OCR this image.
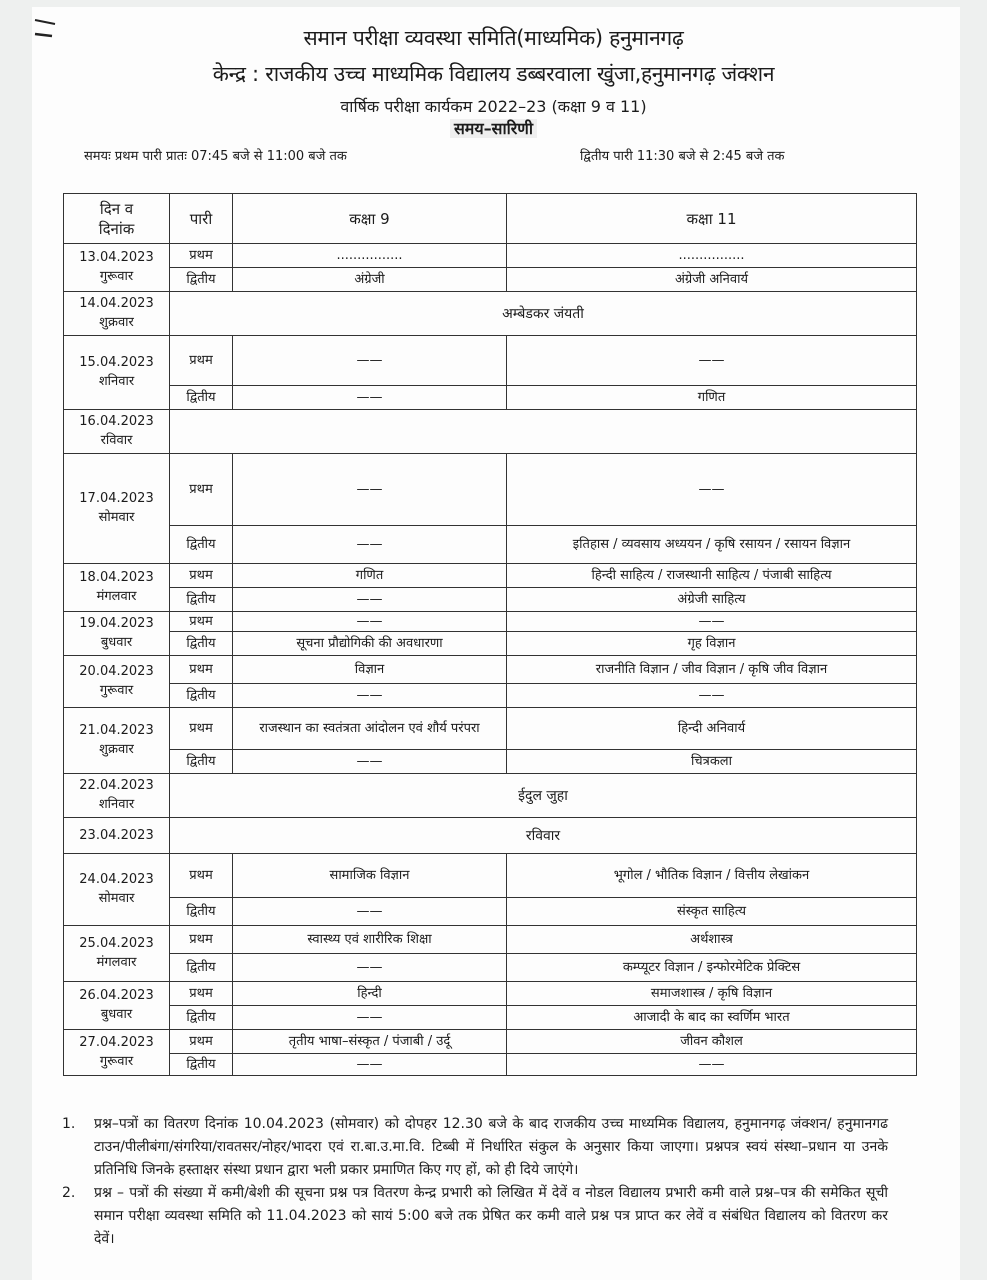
समान परीक्षा व्यवस्था समिति(माध्यमिक) हनुमानगढ़
केन्द्र : राजकीय उच्च माध्यमिक विद्यालय डब्बरवाला खुंजा,हनुमानगढ़ जंक्शन
वार्षिक परीक्षा कार्यकम 2022–23 (कक्षा 9 व 11)
समय–सारिणी
समयः प्रथम पारी प्रातः 07:45 बजे से 11:00 बजे तक	द्वितीय पारी 11:30 बजे से 2:45 बजे तक
दिन व दिनांक	पारी	कक्षा 9	कक्षा 11

13.04.2023
गुरूवार	प्रथम	................	................
	द्वितीय	अंग्रेजी	अंग्रेजी अनिवार्य

14.04.2023
शुक्रवार	अम्बेडकर जंयती		

15.04.2023
शनिवार	प्रथम	——	——
	द्वितीय	——	गणित

16.04.2023
रविवार			

17.04.2023
सोमवार	प्रथम	——	——
	द्वितीय	——	इतिहास / व्यवसाय अध्ययन / कृषि रसायन / रसायन विज्ञान

18.04.2023
मंगलवार	प्रथम	गणित	हिन्दी साहित्य / राजस्थानी साहित्य / पंजाबी साहित्य
	द्वितीय	——	अंग्रेजी साहित्य

19.04.2023
बुधवार	प्रथम	——	——
	द्वितीय	सूचना प्रौद्योगिकी की अवधारणा	गृह विज्ञान

20.04.2023
गुरूवार	प्रथम	विज्ञान	राजनीति विज्ञान / जीव विज्ञान / कृषि जीव विज्ञान
	द्वितीय	——	——

21.04.2023
शुक्रवार	प्रथम	राजस्थान का स्वतंत्रता आंदोलन एवं शौर्य परंपरा	हिन्दी अनिवार्य
	द्वितीय	——	चित्रकला

22.04.2023
शनिवार	ईदुल जुहा		

23.04.2023	रविवार		

24.04.2023
सोमवार	प्रथम	सामाजिक विज्ञान	भूगोल / भौतिक विज्ञान / वित्तीय लेखांकन
	द्वितीय	——	संस्कृत साहित्य

25.04.2023
मंगलवार	प्रथम	स्वास्थ्य एवं शारीरिक शिक्षा	अर्थशास्त्र
	द्वितीय	——	कम्प्यूटर विज्ञान / इन्फोरमेटिक प्रेक्टिस

26.04.2023
बुधवार	प्रथम	हिन्दी	समाजशास्त्र / कृषि विज्ञान
	द्वितीय	——	आजादी के बाद का स्वर्णिम भारत

27.04.2023
गुरूवार	प्रथम	तृतीय भाषा–संस्कृत / पंजाबी / उर्दू	जीवन कौशल
	द्वितीय	——	——
1.	प्रश्न–पत्रों का वितरण दिनांक 10.04.2023 (सोमवार) को दोपहर 12.30 बजे के बाद राजकीय उच्च माध्यमिक विद्यालय, हनुमानगढ़ जंक्शन/ हनुमानगढ टाउन/पीलीबंगा/संगरिया/रावतसर/नोहर/भादरा एवं रा.बा.उ.मा.वि. टिब्बी में निर्धारित संकुल के अनुसार किया जाएगा। प्रश्नपत्र स्वयं संस्था–प्रधान या उनके प्रतिनिधि जिनके हस्ताक्षर संस्था प्रधान द्वारा भली प्रकार प्रमाणित किए गए हों, को ही दिये जाएंगे।
2.	प्रश्न – पत्रों की संख्या में कमी/बेशी की सूचना प्रश्न पत्र वितरण केन्द्र प्रभारी को लिखित में देवें व नोडल विद्यालय प्रभारी कमी वाले प्रश्न–पत्र की समेकित सूची समान परीक्षा व्यवस्था समिति को 11.04.2023 को सायं 5:00 बजे तक प्रेषित कर कमी वाले प्रश्न पत्र प्राप्त कर लेवें व संबंधित विद्यालय को वितरण कर देवें।
